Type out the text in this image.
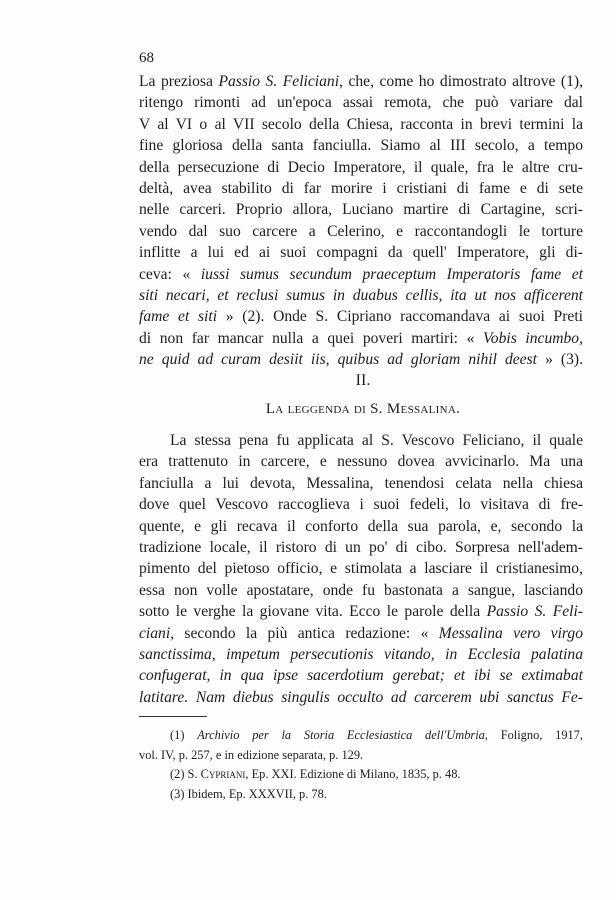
68
La preziosa Passio S. Feliciani, che, come ho dimostrato altrove (1),
ritengo rimonti ad un'epoca assai remota, che può variare dal
V al VI o al VII secolo della Chiesa, racconta in brevi termini la
fine gloriosa della santa fanciulla. Siamo al III secolo, a tempo
della persecuzione di Decio Imperatore, il quale, fra le altre cru-
deltà, avea stabilito di far morire i cristiani di fame e di sete
nelle carceri. Proprio allora, Luciano martire di Cartagine, scri-
vendo dal suo carcere a Celerino, e raccontandogli le torture
inflitte a lui ed ai suoi compagni da quell' Imperatore, gli di-
ceva: « iussi sumus secundum praeceptum Imperatoris fame et
siti necari, et reclusi sumus in duabus cellis, ita ut nos afficerent
fame et siti » (2). Onde S. Cipriano raccomandava ai suoi Preti
di non far mancar nulla a quei poveri martiri: « Vobis incumbo,
ne quid ad curam desiit iis, quibus ad gloriam nihil deest » (3).
II.
La leggenda di S. Messalina.
La stessa pena fu applicata al S. Vescovo Feliciano, il quale
era trattenuto in carcere, e nessuno dovea avvicinarlo. Ma una
fanciulla a lui devota, Messalina, tenendosi celata nella chiesa
dove quel Vescovo raccoglieva i suoi fedeli, lo visitava di fre-
quente, e gli recava il conforto della sua parola, e, secondo la
tradizione locale, il ristoro di un po' di cibo. Sorpresa nell'adem-
pimento del pietoso officio, e stimolata a lasciare il cristianesimo,
essa non volle apostatare, onde fu bastonata a sangue, lasciando
sotto le verghe la giovane vita. Ecco le parole della Passio S. Feli-
ciani, secondo la più antica redazione: « Messalina vero virgo
sanctissima, impetum persecutionis vitando, in Ecclesia palatina
confugerat, in qua ipse sacerdotium gerebat; et ibi se extimabat
latitare. Nam diebus singulis occulto ad carcerem ubi sanctus Fe-
(1) Archivio per la Storia Ecclesiastica dell'Umbria, Foligno, 1917,
vol. IV, p. 257, e in edizione separata, p. 129.
(2) S. Cypriani, Ep. XXI. Edizione di Milano, 1835, p. 48.
(3) Ibidem, Ep. XXXVII, p. 78.
